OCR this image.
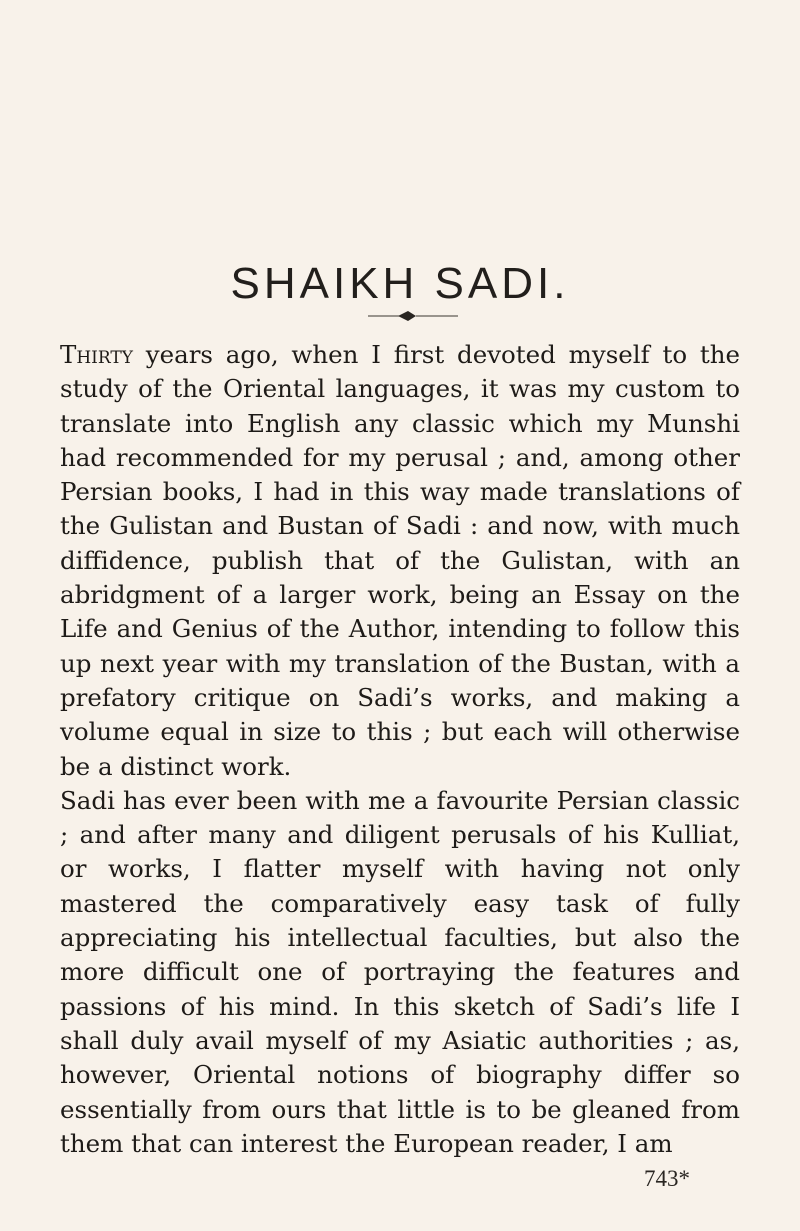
SHAIKH SADI.

Thirty years ago, when I first devoted myself to the study of the Oriental languages, it was my custom to translate into English any classic which my Munshi had recommended for my perusal ; and, among other Persian books, I had in this way made translations of the Gulistan and Bustan of Sadi : and now, with much diffidence, publish that of the Gulistan, with an abridgment of a larger work, being an Essay on the Life and Genius of the Author, intending to follow this up next year with my translation of the Bustan, with a prefatory critique on Sadi’s works, and making a volume equal in size to this ; but each will otherwise be a distinct work.

Sadi has ever been with me a favourite Persian classic ; and after many and diligent perusals of his Kulliat, or works, I flatter myself with having not only mastered the comparatively easy task of fully appreciating his intellectual faculties, but also the more difficult one of portraying the features and passions of his mind. In this sketch of Sadi’s life I shall duly avail myself of my Asiatic authorities ; as, however, Oriental notions of biography differ so essentially from ours that little is to be gleaned from them that can interest the European reader, I am

743*
